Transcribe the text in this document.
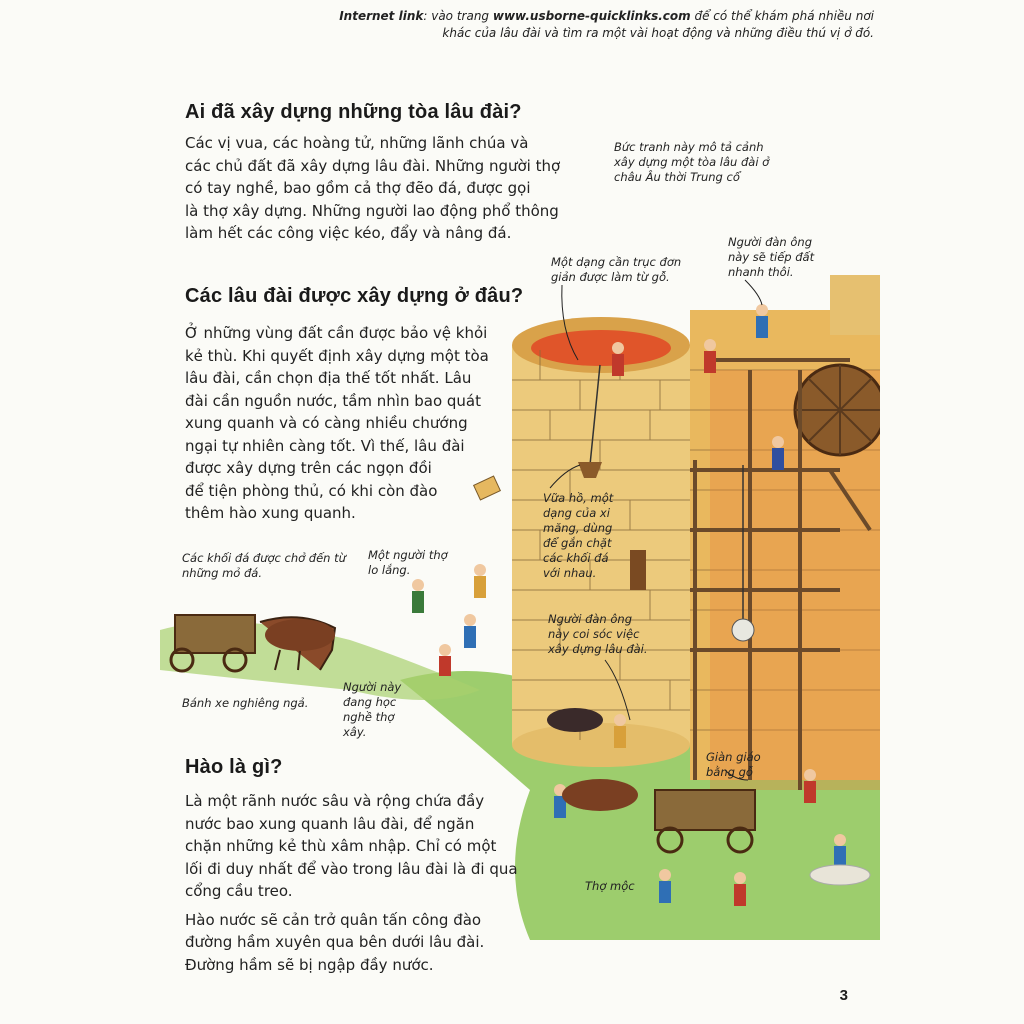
Internet link: vào trang www.usborne-quicklinks.com để có thể khám phá nhiều nơi
khác của lâu đài và tìm ra một vài hoạt động và những điều thú vị ở đó.
Ai đã xây dựng những tòa lâu đài?

Các vị vua, các hoàng tử, những lãnh chúa và

các chủ đất đã xây dựng lâu đài. Những người thợ

có tay nghề, bao gồm cả thợ đẽo đá, được gọi

là thợ xây dựng. Những người lao động phổ thông

làm hết các công việc kéo, đẩy và nâng đá.

Các lâu đài được xây dựng ở đâu?

Ở những vùng đất cần được bảo vệ khỏi

kẻ thù. Khi quyết định xây dựng một tòa

lâu đài, cần chọn địa thế tốt nhất. Lâu

đài cần nguồn nước, tầm nhìn bao quát

xung quanh và có càng nhiều chướng

ngại tự nhiên càng tốt. Vì thế, lâu đài

được xây dựng trên các ngọn đồi

để tiện phòng thủ, có khi còn đào

thêm hào xung quanh.

Hào là gì?

Là một rãnh nước sâu và rộng chứa đầy

nước bao xung quanh lâu đài, để ngăn

chặn những kẻ thù xâm nhập. Chỉ có một

lối đi duy nhất để vào trong lâu đài là đi qua

cổng cầu treo.

Hào nước sẽ cản trở quân tấn công đào

đường hầm xuyên qua bên dưới lâu đài.

Đường hầm sẽ bị ngập đầy nước.

Bức tranh này mô tả cảnh
xây dựng một tòa lâu đài ở
châu Âu thời Trung cổ
Một dạng cần trục đơn
giản được làm từ gỗ.
Người đàn ông
này sẽ tiếp đất
nhanh thôi.
Vữa hồ, một
dạng của xi
măng, dùng
để gắn chặt
các khối đá
với nhau.
Người đàn ông
này coi sóc việc
xây dựng lâu đài.
Các khối đá được chở đến từ
những mỏ đá.
Một người thợ
lo lắng.
Bánh xe nghiêng ngả.
Người này
đang học
nghề thợ
xây.
Giàn giáo
bằng gỗ
Thợ mộc
3
